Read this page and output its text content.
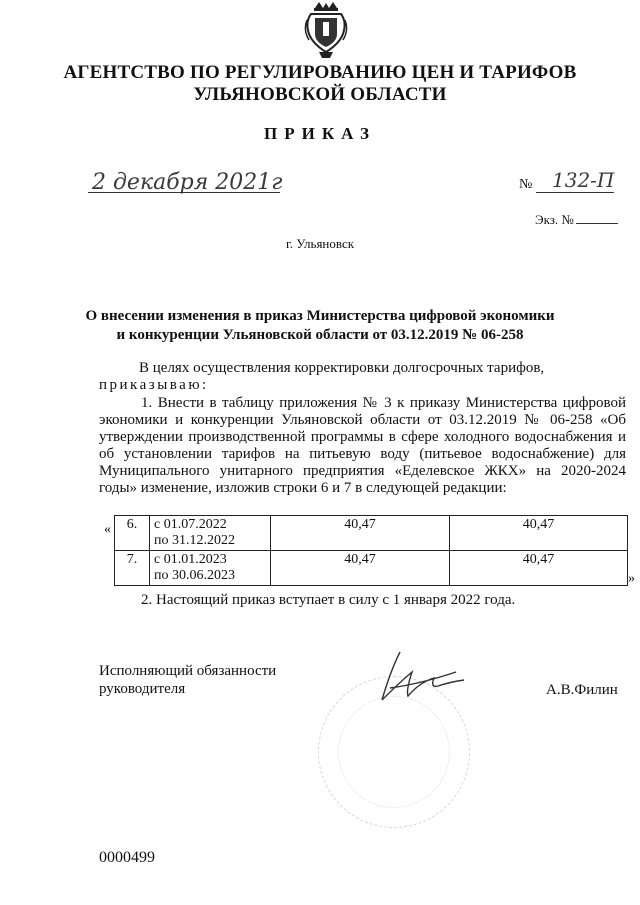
АГЕНТСТВО ПО РЕГУЛИРОВАНИЮ ЦЕН И ТАРИФОВ
УЛЬЯНОВСКОЙ ОБЛАСТИ
ПРИКАЗ
2 декабря 2021г	№ 132-П
Экз. №
г. Ульяновск
О внесении изменения в приказ Министерства цифровой экономики
и конкуренции Ульяновской области от 03.12.2019 № 06-258
В целях осуществления корректировки долгосрочных тарифов,
приказываю:
1. Внести в таблицу приложения № 3 к приказу Министерства цифровой экономики и конкуренции Ульяновской области от 03.12.2019 № 06-258 «Об утверждении производственной программы в сфере холодного водоснабжения и об установлении тарифов на питьевую воду (питьевое водоснабжение) для Муниципального унитарного предприятия «Еделевское ЖКХ» на 2020-2024 годы» изменение, изложив строки 6 и 7 в следующей редакции:
« 6.	с 01.07.2022
по 31.12.2022	40,47	40,47
7.	с 01.01.2023
по 30.06.2023	40,47	40,47
»
2. Настоящий приказ вступает в силу с 1 января 2022 года.
Исполняющий обязанности
руководителя	А.В.Филин
0000499
